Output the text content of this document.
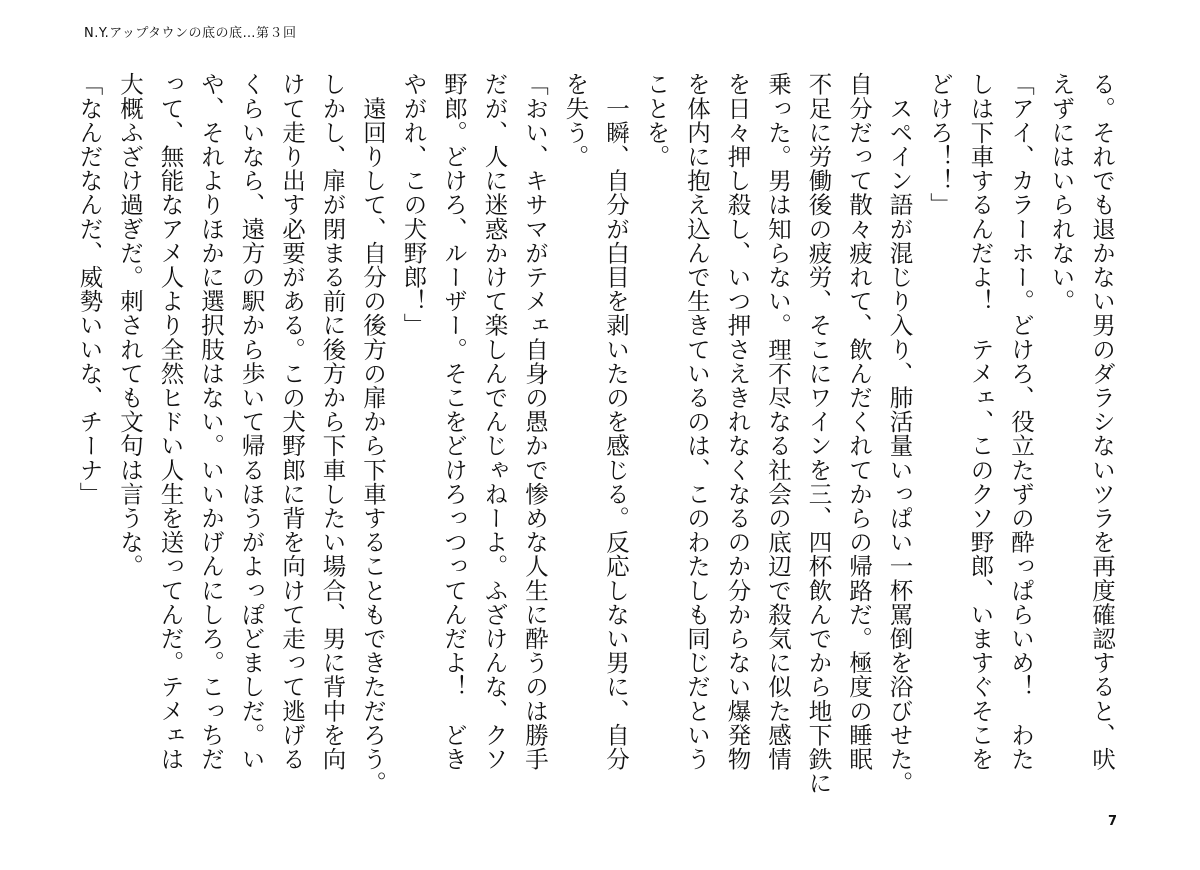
N.Y.アップタウンの底の底…第３回
る。それでも退かない男のダラシないツラを再度確認すると、吠
えずにはいられない。
「アイ、カラーホー。どけろ、役立たずの酔っぱらいめ！　わた
しは下車するんだよ！　テメェ、このクソ野郎、いますぐそこを
どけろ！！」
　スペイン語が混じり入り、肺活量いっぱい一杯罵倒を浴びせた。
自分だって散々疲れて、飲んだくれてからの帰路だ。極度の睡眠
不足に労働後の疲労、そこにワインを三、四杯飲んでから地下鉄に
乗った。男は知らない。理不尽なる社会の底辺で殺気に似た感情
を日々押し殺し、いつ押さえきれなくなるのか分からない爆発物
を体内に抱え込んで生きているのは、このわたしも同じだという
ことを。
　一瞬、自分が白目を剥いたのを感じる。反応しない男に、自分
を失う。
「おい、キサマがテメェ自身の愚かで惨めな人生に酔うのは勝手
だが、人に迷惑かけて楽しんでんじゃねーよ。ふざけんな、クソ
野郎。どけろ、ルーザー。そこをどけろっつってんだよ！　どき
やがれ、この犬野郎！」
　遠回りして、自分の後方の扉から下車することもできただろう。
しかし、扉が閉まる前に後方から下車したい場合、男に背中を向
けて走り出す必要がある。この犬野郎に背を向けて走って逃げる
くらいなら、遠方の駅から歩いて帰るほうがよっぽどましだ。い
や、それよりほかに選択肢はない。いいかげんにしろ。こっちだ
って、無能なアメ人より全然ヒドい人生を送ってんだ。テメェは
大概ふざけ過ぎだ。刺されても文句は言うな。
「なんだなんだ、威勢いいな、チーナ」
7
